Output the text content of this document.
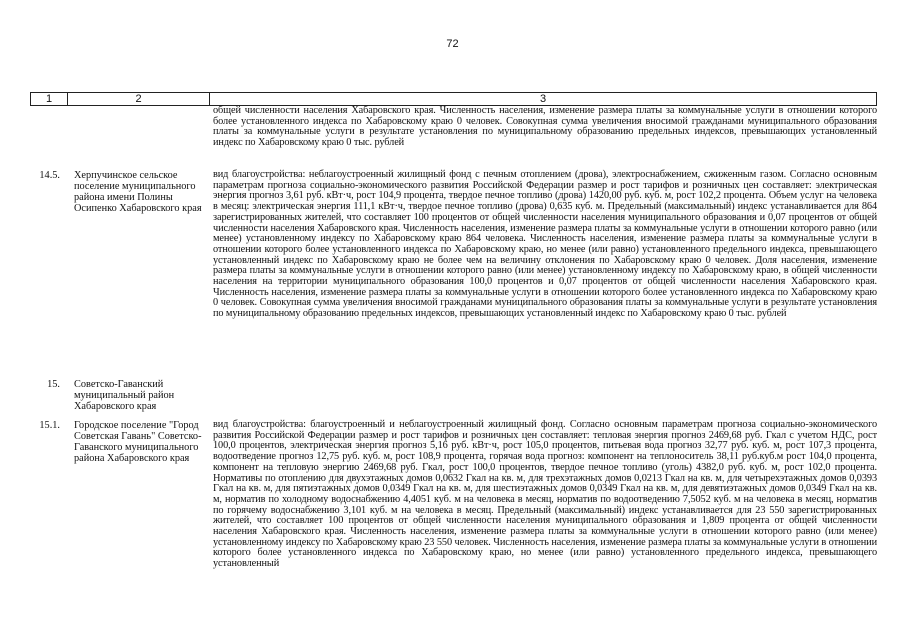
72
1	2	3
общей численности населения Хабаровского края. Численность населения, изменение размера платы за коммунальные услуги в отношении которого более установленного индекса по Хабаровскому краю 0 человек. Совокупная сумма увеличения вносимой гражданами муниципального образования платы за коммунальные услуги в результате установления по муниципальному образованию предельных индексов, превышающих установленный индекс по Хабаровскому краю 0 тыс. рублей
14.5. Херпучинское сельское поселение муниципального района имени Полины Осипенко Хабаровского края
вид благоустройства: неблагоустроенный жилищный фонд с печным отоплением (дрова), электроснабжением, сжиженным газом. Согласно основным параметрам прогноза социально-экономического развития Российской Федерации размер и рост тарифов и розничных цен составляет: электрическая энергия прогноз 3,61 руб. кВт·ч, рост 104,9 процента, твердое печное топливо (дрова) 1420,00 руб. куб. м, рост 102,2 процента. Объем услуг на человека в месяц: электрическая энергия 111,1 кВт·ч, твердое печное топливо (дрова) 0,635 куб. м. Предельный (максимальный) индекс устанавливается для 864 зарегистрированных жителей, что составляет 100 процентов от общей численности населения муниципального образования и 0,07 процентов от общей численности населения Хабаровского края. Численность населения, изменение размера платы за коммунальные услуги в отношении которого равно (или менее) установленному индексу по Хабаровскому краю 864 человека. Численность населения, изменение размера платы за коммунальные услуги в отношении которого более установленного индекса по Хабаровскому краю, но менее (или равно) установленного предельного индекса, превышающего установленный индекс по Хабаровскому краю не более чем на величину отклонения по Хабаровскому краю 0 человек. Доля населения, изменение размера платы за коммунальные услуги в отношении которого равно (или менее) установленному индексу по Хабаровскому краю, в общей численности населения на территории муниципального образования 100,0 процентов и 0,07 процентов от общей численности населения Хабаровского края. Численность населения, изменение размера платы за коммунальные услуги в отношении которого более установленного индекса по Хабаровскому краю 0 человек. Совокупная сумма увеличения вносимой гражданами муниципального образования платы за коммунальные услуги в результате установления по муниципальному образованию предельных индексов, превышающих установленный индекс по Хабаровскому краю 0 тыс. рублей
15. Советско-Гаванский муниципальный район Хабаровского края
15.1. Городское поселение "Город Советская Гавань" Советско-Гаванского муниципального района Хабаровского края
вид благоустройства: благоустроенный и неблагоустроенный жилищный фонд. Согласно основным параметрам прогноза социально-экономического развития Российской Федерации размер и рост тарифов и розничных цен составляет: тепловая энергия прогноз 2469,68 руб. Гкал с учетом НДС, рост 100,0 процентов, электрическая энергия прогноз 5,16 руб. кВт·ч, рост 105,0 процентов, питьевая вода прогноз 32,77 руб. куб. м, рост 107,3 процента, водоотведение прогноз 12,75 руб. куб. м, рост 108,9 процента, горячая вода прогноз: компонент на теплоноситель 38,11 руб.куб.м рост 104,0 процента, компонент на тепловую энергию 2469,68 руб. Гкал, рост 100,0 процентов, твердое печное топливо (уголь) 4382,0 руб. куб. м, рост 102,0 процента. Нормативы по отоплению для двухэтажных домов 0,0632 Гкал на кв. м, для трехэтажных домов 0,0213 Гкал на кв. м, для четырехэтажных домов 0,0393 Гкал на кв. м, для пятиэтажных домов 0,0349 Гкал на кв. м, для шестиэтажных домов 0,0349 Гкал на кв. м, для девятиэтажных домов 0,0349 Гкал на кв. м, норматив по холодному водоснабжению 4,4051 куб. м на человека в месяц, норматив по водоотведению 7,5052 куб. м на человека в месяц, норматив по горячему водоснабжению 3,101 куб. м на человека в месяц. Предельный (максимальный) индекс устанавливается для 23 550 зарегистрированных жителей, что составляет 100 процентов от общей численности населения муниципального образования и 1,809 процента от общей численности населения Хабаровского края. Численность населения, изменение размера платы за коммунальные услуги в отношении которого равно (или менее) установленному индексу по Хабаровскому краю 23 550 человек. Численность населения, изменение размера платы за коммунальные услуги в отношении которого более установленного индекса по Хабаровскому краю, но менее (или равно) установленного предельного индекса, превышающего установленный
